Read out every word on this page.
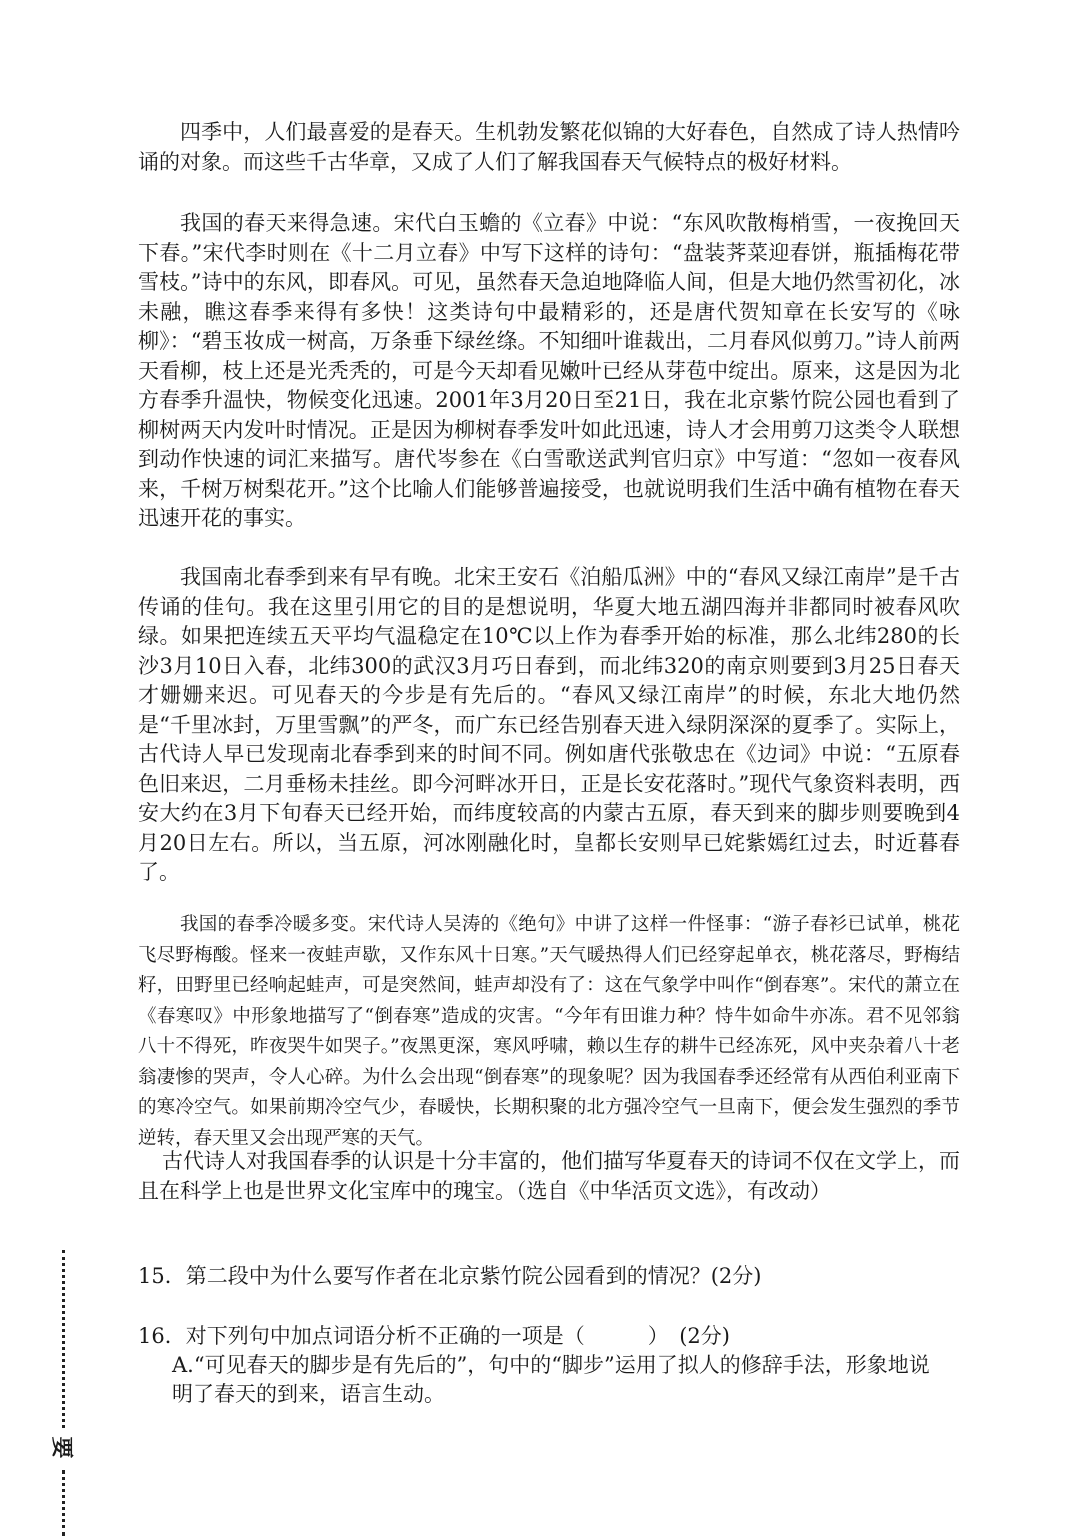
四季中，人们最喜爱的是春天。生机勃发繁花似锦的大好春色，自然成了诗人热情吟诵的对象。而这些千古华章，又成了人们了解我国春天气候特点的极好材料。

我国的春天来得急速。宋代白玉蟾的《立春》中说：“东风吹散梅梢雪，一夜挽回天下春。”宋代李时则在《十二月立春》中写下这样的诗句：“盘装荠菜迎春饼，瓶插梅花带雪枝。”诗中的东风，即春风。可见，虽然春天急迫地降临人间，但是大地仍然雪初化，冰未融，瞧这春季来得有多快！这类诗句中最精彩的，还是唐代贺知章在长安写的《咏柳》：“碧玉妆成一树高，万条垂下绿丝绦。不知细叶谁裁出，二月春风似剪刀。”诗人前两天看柳，枝上还是光秃秃的，可是今天却看见嫩叶已经从芽苞中绽出。原来，这是因为北方春季升温快，物候变化迅速。2001年3月20日至21日，我在北京紫竹院公园也看到了柳树两天内发叶时情况。正是因为柳树春季发叶如此迅速，诗人才会用剪刀这类令人联想到动作快速的词汇来描写。唐代岑参在《白雪歌送武判官归京》中写道：“忽如一夜春风来，千树万树梨花开。”这个比喻人们能够普遍接受，也就说明我们生活中确有植物在春天迅速开花的事实。

我国南北春季到来有早有晚。北宋王安石《泊船瓜洲》中的“春风又绿江南岸”是千古传诵的佳句。我在这里引用它的目的是想说明，华夏大地五湖四海并非都同时被春风吹绿。如果把连续五天平均气温稳定在10℃以上作为春季开始的标准，那么北纬280的长沙3月10日入春，北纬300的武汉3月巧日春到，而北纬320的南京则要到3月25日春天才姗姗来迟。可见春天的今步是有先后的。“春风又绿江南岸”的时候，东北大地仍然是“千里冰封，万里雪飘”的严冬，而广东已经告别春天进入绿阴深深的夏季了。实际上，古代诗人早已发现南北春季到来的时间不同。例如唐代张敬忠在《边词》中说：“五原春色旧来迟，二月垂杨未挂丝。即今河畔冰开日，正是长安花落时。”现代气象资料表明，西安大约在3月下旬春天已经开始，而纬度较高的内蒙古五原，春天到来的脚步则要晚到4月20日左右。所以，当五原，河冰刚融化时，皇都长安则早已姹紫嫣红过去，时近暮春了。

我国的春季冷暖多变。宋代诗人吴涛的《绝句》中讲了这样一件怪事：“游子春衫已试单，桃花飞尽野梅酸。怪来一夜蛙声歇，又作东风十日寒。”天气暖热得人们已经穿起单衣，桃花落尽，野梅结籽，田野里已经响起蛙声，可是突然间，蛙声却没有了：这在气象学中叫作“倒春寒”。宋代的萧立在《春寒叹》中形象地描写了“倒春寒”造成的灾害。“今年有田谁力种？恃牛如命牛亦冻。君不见邻翁八十不得死，昨夜哭牛如哭子。”夜黑更深，寒风呼啸，赖以生存的耕牛已经冻死，风中夹杂着八十老翁凄惨的哭声，令人心碎。为什么会出现“倒春寒”的现象呢？因为我国春季还经常有从西伯利亚南下的寒冷空气。如果前期冷空气少，春暖快，长期积聚的北方强冷空气一旦南下，便会发生强烈的季节逆转，春天里又会出现严寒的天气。

古代诗人对我国春季的认识是十分丰富的，他们描写华夏春天的诗词不仅在文学上，而且在科学上也是世界文化宝库中的瑰宝。（选自《中华活页文选》，有改动）

15．第二段中为什么要写作者在北京紫竹院公园看到的情况？(2分)

16．对下列句中加点词语分析不正确的一项是（　　　）　(2分)

A.“可见春天的脚步是有先后的”，句中的“脚步”运用了拟人的修辞手法，形象地说明了春天的到来，语言生动。

要
